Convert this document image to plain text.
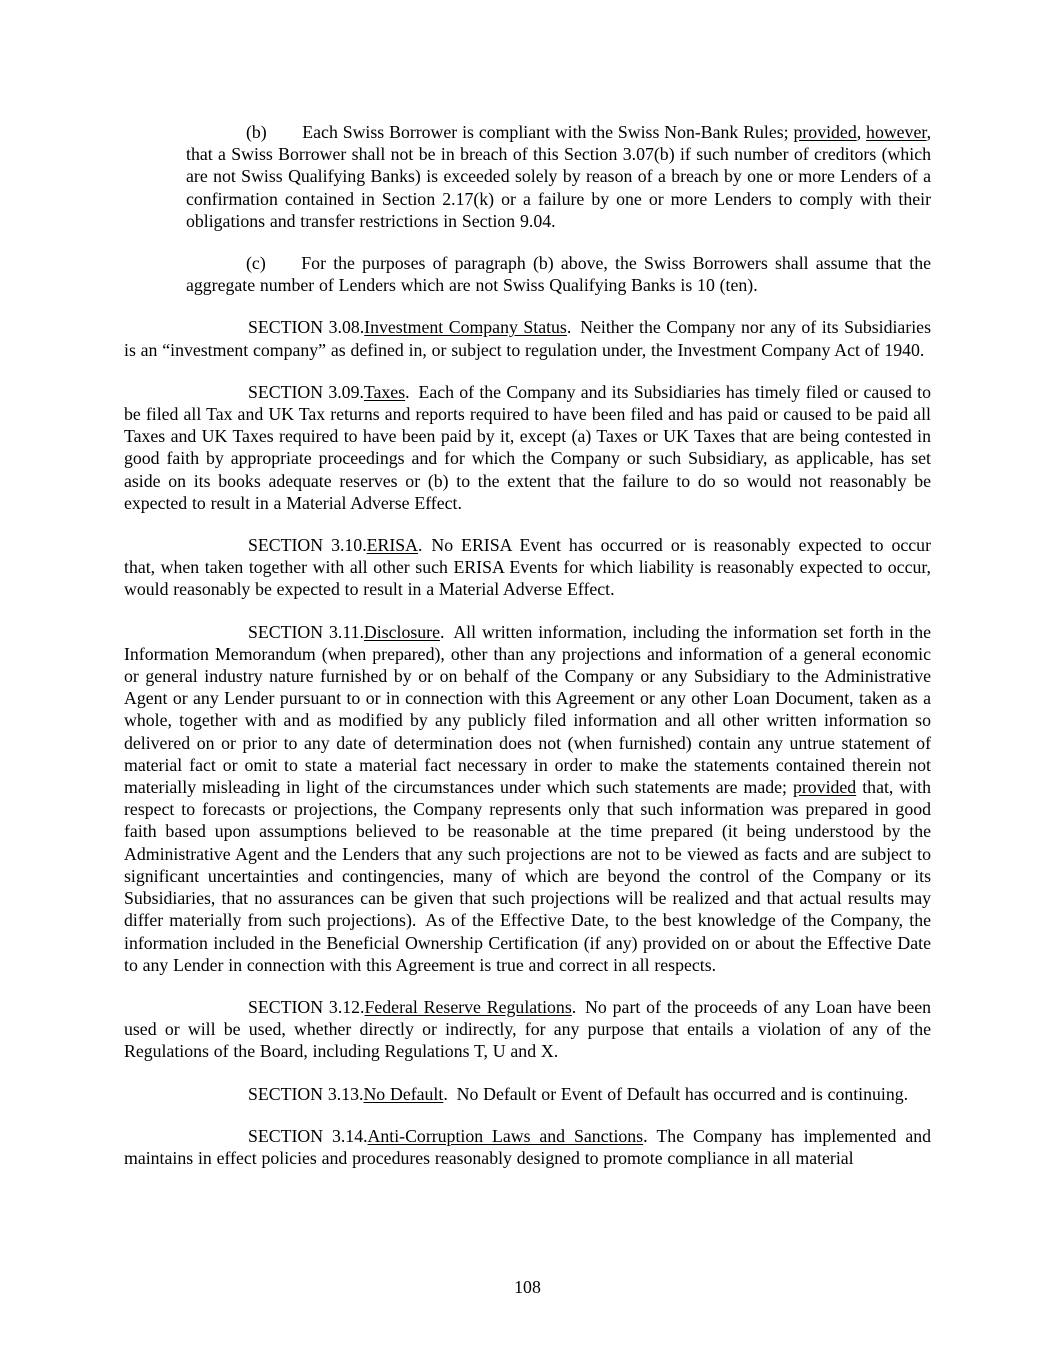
(b)  Each Swiss Borrower is compliant with the Swiss Non-Bank Rules; provided, however, that a Swiss Borrower shall not be in breach of this Section 3.07(b) if such number of creditors (which are not Swiss Qualifying Banks) is exceeded solely by reason of a breach by one or more Lenders of a confirmation contained in Section 2.17(k) or a failure by one or more Lenders to comply with their obligations and transfer restrictions in Section 9.04.

(c)  For the purposes of paragraph (b) above, the Swiss Borrowers shall assume that the aggregate number of Lenders which are not Swiss Qualifying Banks is 10 (ten).

SECTION 3.08.Investment Company Status. Neither the Company nor any of its Subsidiaries is an “investment company” as defined in, or subject to regulation under, the Investment Company Act of 1940.

SECTION 3.09.Taxes. Each of the Company and its Subsidiaries has timely filed or caused to be filed all Tax and UK Tax returns and reports required to have been filed and has paid or caused to be paid all Taxes and UK Taxes required to have been paid by it, except (a) Taxes or UK Taxes that are being contested in good faith by appropriate proceedings and for which the Company or such Subsidiary, as applicable, has set aside on its books adequate reserves or (b) to the extent that the failure to do so would not reasonably be expected to result in a Material Adverse Effect.

SECTION 3.10.ERISA. No ERISA Event has occurred or is reasonably expected to occur that, when taken together with all other such ERISA Events for which liability is reasonably expected to occur, would reasonably be expected to result in a Material Adverse Effect.

SECTION 3.11.Disclosure. All written information, including the information set forth in the Information Memorandum (when prepared), other than any projections and information of a general economic or general industry nature furnished by or on behalf of the Company or any Subsidiary to the Administrative Agent or any Lender pursuant to or in connection with this Agreement or any other Loan Document, taken as a whole, together with and as modified by any publicly filed information and all other written information so delivered on or prior to any date of determination does not (when furnished) contain any untrue statement of material fact or omit to state a material fact necessary in order to make the statements contained therein not materially misleading in light of the circumstances under which such statements are made; provided that, with respect to forecasts or projections, the Company represents only that such information was prepared in good faith based upon assumptions believed to be reasonable at the time prepared (it being understood by the Administrative Agent and the Lenders that any such projections are not to be viewed as facts and are subject to significant uncertainties and contingencies, many of which are beyond the control of the Company or its Subsidiaries, that no assurances can be given that such projections will be realized and that actual results may differ materially from such projections). As of the Effective Date, to the best knowledge of the Company, the information included in the Beneficial Ownership Certification (if any) provided on or about the Effective Date to any Lender in connection with this Agreement is true and correct in all respects.

SECTION 3.12.Federal Reserve Regulations. No part of the proceeds of any Loan have been used or will be used, whether directly or indirectly, for any purpose that entails a violation of any of the Regulations of the Board, including Regulations T, U and X.

SECTION 3.13.No Default. No Default or Event of Default has occurred and is continuing.

SECTION 3.14.Anti-Corruption Laws and Sanctions. The Company has implemented and maintains in effect policies and procedures reasonably designed to promote compliance in all material

108
